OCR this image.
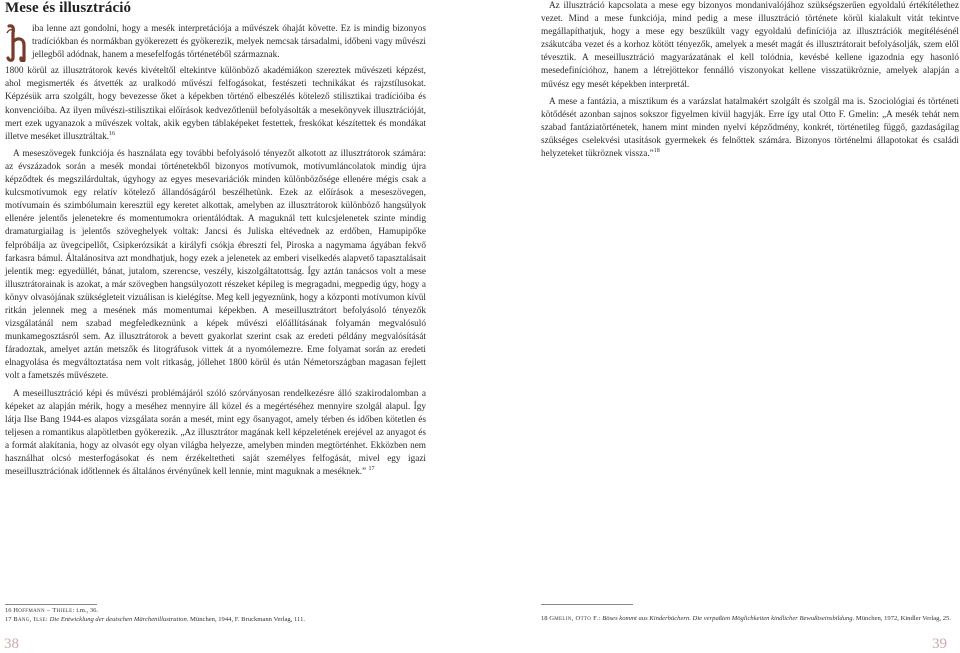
Mese és illusztráció

iba lenne azt gondolni, hogy a mesék interpretációja a művészek óhaját követte. Ez is mindig bizonyos tradíciókban és normákban gyökerezett és gyökerezik, melyek nemcsak társadalmi, időbeni vagy művészi jellegből adódnak, hanem a mesefelfogás történetéből származnak.

1800 körül az illusztrátorok kevés kivételtől eltekintve különböző akadémiákon szereztek művészeti képzést, ahol megismerték és átvették az uralkodó művészi felfogásokat, festészeti technikákat és rajzstílusokat. Képzésük arra szolgált, hogy bevezesse őket a képekben történő elbeszélés kötelező stilisztikai tradícióiba és konvencióiba. Az ilyen művészi-stilisztikai előírások kedvezőtlenül befolyásolták a mesekönyvek illusztrációját, mert ezek ugyanazok a művészek voltak, akik egyben táblaképeket festettek, freskókat készítettek és mondákat illetve meséket illusztráltak.$^{16}$

A meseszövegek funkciója és használata egy további befolyásoló tényezőt alkotott az illusztrátorok számára: az évszázadok során a mesék mondai történetekből bizonyos motívumok, motívumláncolatok mindig újra képződtek és megszilárdultak, úgyhogy az egyes mesevariációk minden különbözősége ellenére mégis csak a kulcsmotívumok egy relatív kötelező állandóságáról beszélhetünk. Ezek az előírások a meseszövegen, motívumain és szimbólumain keresztül egy keretet alkottak, amelyben az illusztrátorok különböző hangsúlyok ellenére jelentős jelenetekre és momentumokra orientálódtak. A maguknál tett kulcsjelenetek szinte mindig dramaturgiailag is jelentős szöveghelyek voltak: Jancsi és Juliska eltévednek az erdőben, Hamupipőke felpróbálja az üvegcipellőt, Csipkerózsikát a királyfi csókja ébreszti fel, Piroska a nagymama ágyában fekvő farkasra bámul. Általánosítva azt mondhatjuk, hogy ezek a jelenetek az emberi viselkedés alapvető tapasztalásait jelentik meg: egyedüllét, bánat, jutalom, szerencse, veszély, kiszolgáltatottság. Így aztán tanácsos volt a mese illusztrátorainak is azokat, a már szövegben hangsúlyozott részeket képileg is megragadni, megpedig úgy, hogy a könyv olvasójának szükségleteit vizuálisan is kielégítse. Meg kell jegyeznünk, hogy a központi motívumon kívül ritkán jelennek meg a mesének más momentumai képekben. A meseillusztrátort befolyásoló tényezők vizsgálatánál nem szabad megfeledkeznünk a képek művészi előállításának folyamán megvalósuló munkamegosztásról sem. Az illusztrátorok a bevett gyakorlat szerint csak az eredeti példány megvalósítását fáradoztak, amelyet aztán metszők és litográfusok vittek át a nyomólemezre. Eme folyamat során az eredeti elnagyolása és megváltoztatása nem volt ritkaság, jóllehet 1800 körül és után Németországban magasan fejlett volt a fametszés művészete.

A meseillusztráció képi és művészi problémájáról szóló szórványosan rendelkezésre álló szakirodalomban a képeket az alapján mérik, hogy a meséhez mennyire áll közel és a megértéséhez mennyire szolgál alapul. Így látja Ilse Bang 1944-es alapos vizsgálata során a mesét, mint egy ősanyagot, amely térben és időben kötetlen és teljesen a romantikus alapötletben gyökerezik. „Az illusztrátor magának kell képzeletének erejével az anyagot és a formát alakítania, hogy az olvasót egy olyan világba helyezze, amelyben minden megtörténhet. Ekközben nem használhat olcsó mesterfogásokat és nem érzékeltetheti saját személyes felfogását, mivel egy igazi meseillusztrációnak időtlennek és általános érvényűnek kell lennie, mint maguknak a meséknek.” $^{17}$

16 Hoffmann – Thiele: i.m., 36.
17 Bang, Ilse: Die Entwicklung der deutschen Märchenillustration. München, 1944, F. Bruckmann Verlag, 111.
38

Az illusztráció kapcsolata a mese egy bizonyos mondanivalójához szükségszerűen egyoldalú értékítélethez vezet. Mind a mese funkciója, mind pedig a mese illusztráció története körül kialakult vitát tekintve megállapíthatjuk, hogy a mese egy beszűkült vagy egyoldalú definíciója az illusztrációk megítélésénél zsákutcába vezet és a korhoz kötött tényezők, amelyek a mesét magát és illusztrátorait befolyásolják, szem elől tévesztik. A meseillusztráció magyarázatának el kell tolódnia, kevésbé kellene igazodnia egy hasonló mesedefinícióhoz, hanem a létrejöttekor fennálló viszonyokat kellene visszatükröznie, amelyek alapján a művész egy mesét képekben interpretál.

A mese a fantázia, a misztikum és a varázslat hatalmakért szolgált és szolgál ma is. Szociológiai és történeti kötődését azonban sajnos sokszor figyelmen kívül hagyják. Erre így utal Otto F. Gmelin: „A mesék tehát nem szabad fantáziatörténetek, hanem mint minden nyelvi képződmény, konkrét, történetileg függő, gazdaságilag szükséges cselekvési utasítások gyermekek és felnőttek számára. Bizonyos történelmi állapotokat és családi helyzeteket tükröznek vissza.”$^{18}$

18 Gmelin, Otto F.: Böses kommt aus Kinderbüchern. Die verpaßten Möglichkeiten kindlicher Bewußtseinsbildung. München, 1972, Kindler Verlag, 25.
39
